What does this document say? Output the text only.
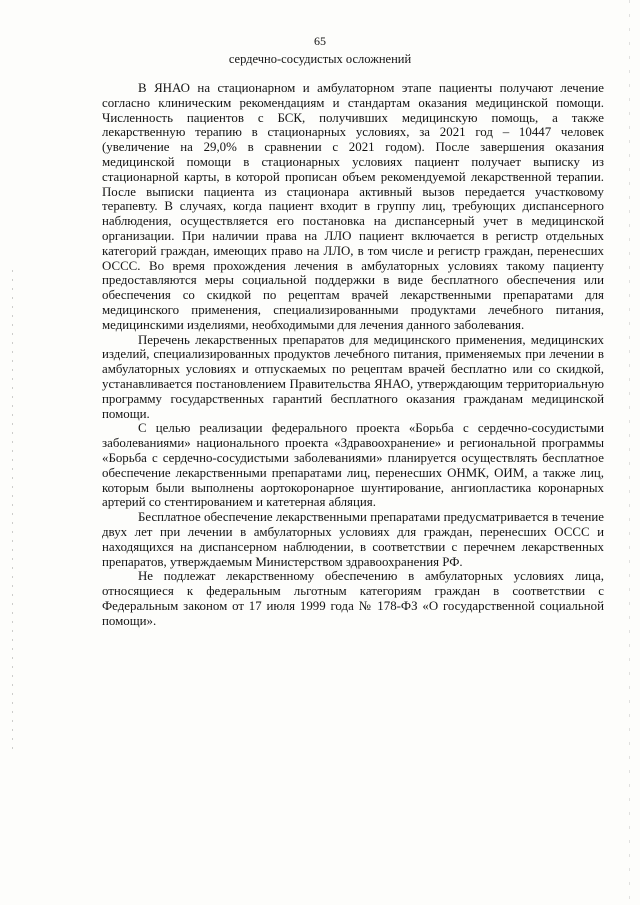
65
сердечно-сосудистых осложнений

В ЯНАО на стационарном и амбулаторном этапе пациенты получают лечение согласно клиническим рекомендациям и стандартам оказания медицинской помощи. Численность пациентов с БСК, получивших медицинскую помощь, а также лекарственную терапию в стационарных условиях, за 2021 год – 10447 человек (увеличение на 29,0% в сравнении с 2021 годом). После завершения оказания медицинской помощи в стационарных условиях пациент получает выписку из стационарной карты, в которой прописан объем рекомендуемой лекарственной терапии. После выписки пациента из стационара активный вызов передается участковому терапевту. В случаях, когда пациент входит в группу лиц, требующих диспансерного наблюдения, осуществляется его постановка на диспансерный учет в медицинской организации. При наличии права на ЛЛО пациент включается в регистр отдельных категорий граждан, имеющих право на ЛЛО, в том числе и регистр граждан, перенесших ОССС. Во время прохождения лечения в амбулаторных условиях такому пациенту предоставляются меры социальной поддержки в виде бесплатного обеспечения или обеспечения со скидкой по рецептам врачей лекарственными препаратами для медицинского применения, специализированными продуктами лечебного питания, медицинскими изделиями, необходимыми для лечения данного заболевания.

Перечень лекарственных препаратов для медицинского применения, медицинских изделий, специализированных продуктов лечебного питания, применяемых при лечении в амбулаторных условиях и отпускаемых по рецептам врачей бесплатно или со скидкой, устанавливается постановлением Правительства ЯНАО, утверждающим территориальную программу государственных гарантий бесплатного оказания гражданам медицинской помощи.

С целью реализации федерального проекта «Борьба с сердечно-сосудистыми заболеваниями» национального проекта «Здравоохранение» и региональной программы «Борьба с сердечно-сосудистыми заболеваниями» планируется осуществлять бесплатное обеспечение лекарственными препаратами лиц, перенесших ОНМК, ОИМ, а также лиц, которым были выполнены аортокоронарное шунтирование, ангиопластика коронарных артерий со стентированием и катетерная абляция.

Бесплатное обеспечение лекарственными препаратами предусматривается в течение двух лет при лечении в амбулаторных условиях для граждан, перенесших ОССС и находящихся на диспансерном наблюдении, в соответствии с перечнем лекарственных препаратов, утверждаемым Министерством здравоохранения РФ.

Не подлежат лекарственному обеспечению в амбулаторных условиях лица, относящиеся к федеральным льготным категориям граждан в соответствии с Федеральным законом от 17 июля 1999 года № 178-ФЗ «О государственной социальной помощи».
